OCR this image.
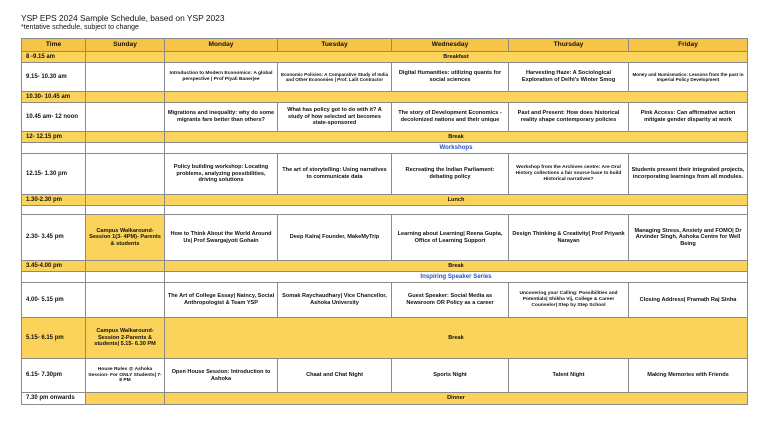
YSP EPS 2024 Sample Schedule, based on YSP 2023
*tentative schedule, subject to change
Time	Sunday	Monday	Tuesday	Wednesday	Thursday	Friday
8 -9.15 am		Breakfast				
9.15- 10.30 am		Introduction to Modern Economics: A global perspective | Prof Piyali Banerjee	Economic Policies: A Comparative Study of India and Other Economies | Prof. Lalit Contractor	Digital Humanities: utilizing quants for social sciences	Harvesting Haze: A Sociological Exploration of Delhi's Winter Smog	Money and Numismatics: Lessons from the past in Imperial Policy Development
10.30- 10.45 am						
10.45 am- 12 noon		Migrations and inequality: why do some migrants fare better than others?	What has policy got to do with it? A study of how selected art becomes state-sponsored	The story of Development Economics - decolonized nations and their unique	Past and Present: How does historical reality shape contemporary policies	Pink Access: Can affirmative action mitigate gender disparity at work
12- 12.15 pm		Break				
		Workshops				
12.15- 1.30 pm		Policy building workshop: Locating problems, analyzing possibilities, driving solutions	The art of storytelling: Using narratives to communicate data	Recreating the Indian Parliament: debating policy	Workshop from the Archives centre: Are Oral History collections a fair source base to build Historical narratives?	Students present their integrated projects, incorporating learnings from all modules.
1.30-2.30 pm		Lunch				

2.30- 3.45 pm	Campus Walkaround- Session 1(3- 4PM)- Parents & students	How to Think About the World Around Us| Prof Swargajyoti Gohain	Deep Kalra| Founder, MakeMyTrip	Learning about Learning| Reena Gupta, Office of Learning Support	Design Thinking & Creativity| Prof Priyank Narayan	Managing Stress, Anxiety and FOMO| Dr Arvinder Singh, Ashoka Centre for Well Being
3.45-4.00 pm		Break				
		Inspiring Speaker Series				
4.00- 5.15 pm		The Art of College Essay| Naincy, Social Anthropologist & Team YSP	Somak Raychaudhary| Vice Chancellor, Ashoka University	Guest Speaker: Social Media as Newsroom OR Policy as a career	Uncovering your Calling: Possibilities and Potentials| Shikha Vij, College & Career Counselor| Step by Step School	Closing Address| Pramath Raj Sinha
5.15- 6.15 pm	Campus Walkaround- Session 2-Parents & students| 5.15- 6.30 PM	Break				
6.15- 7.30pm	House Rules @ Ashoka Session- For ONLY Students| 7- 8 PM	Open House Session: Introduction to Ashoka	Chaat and Chat Night	Sports Night	Talent Night	Making Memories with Friends
7.30 pm onwards		Dinner				
